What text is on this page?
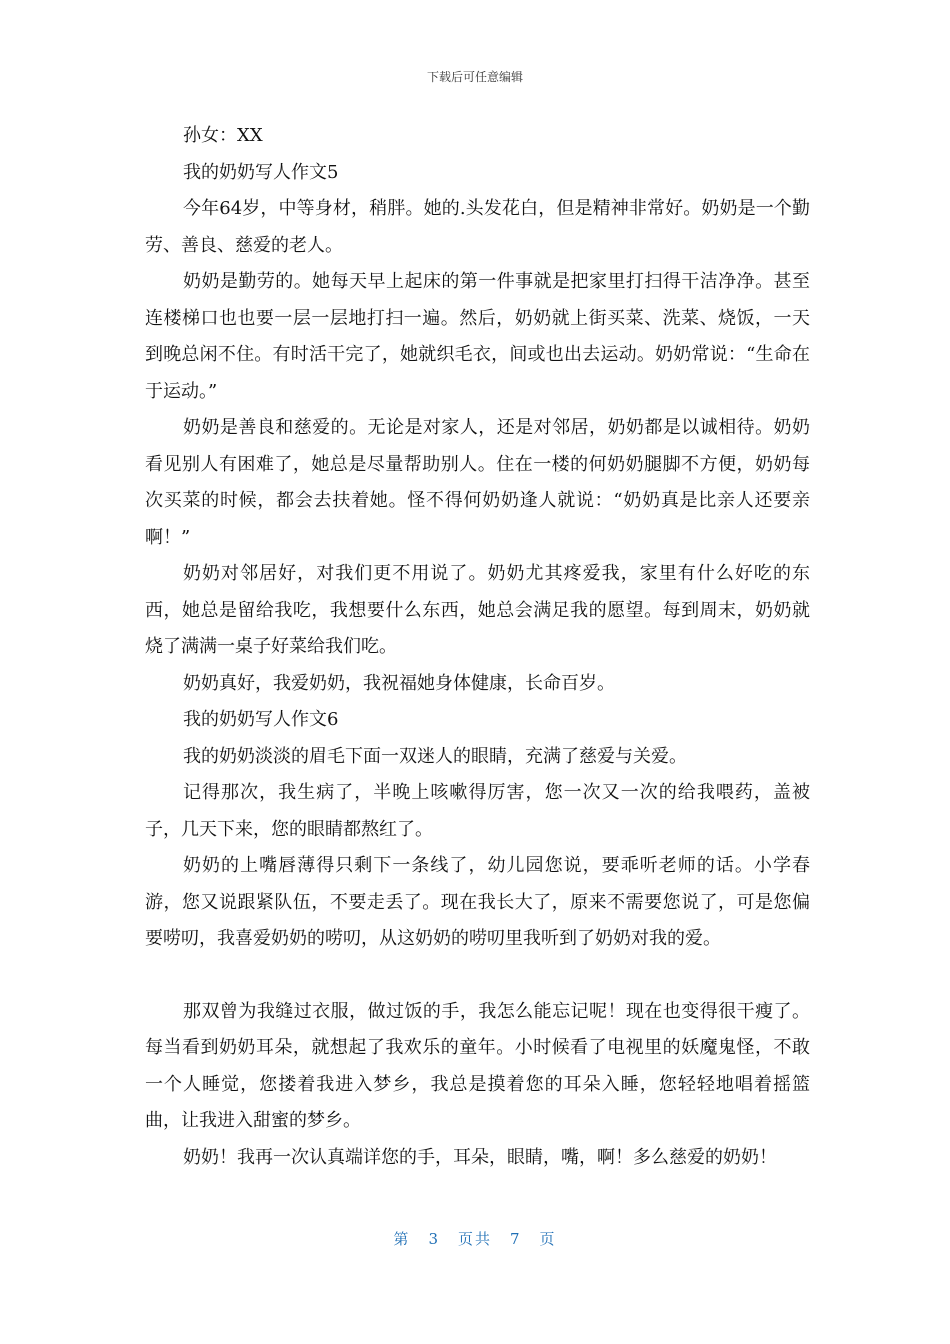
下载后可任意编辑

孙女：XX

我的奶奶写人作文5

今年64岁，中等身材，稍胖。她的.头发花白，但是精神非常好。奶奶是一个勤劳、善良、慈爱的老人。

奶奶是勤劳的。她每天早上起床的第一件事就是把家里打扫得干洁净净。甚至连楼梯口也也要一层一层地打扫一遍。然后，奶奶就上街买菜、洗菜、烧饭，一天到晚总闲不住。有时活干完了，她就织毛衣，间或也出去运动。奶奶常说：“生命在于运动。”

奶奶是善良和慈爱的。无论是对家人，还是对邻居，奶奶都是以诚相待。奶奶看见别人有困难了，她总是尽量帮助别人。住在一楼的何奶奶腿脚不方便，奶奶每次买菜的时候，都会去扶着她。怪不得何奶奶逢人就说：“奶奶真是比亲人还要亲啊！”

奶奶对邻居好，对我们更不用说了。奶奶尤其疼爱我，家里有什么好吃的东西，她总是留给我吃，我想要什么东西，她总会满足我的愿望。每到周末，奶奶就烧了满满一桌子好菜给我们吃。

奶奶真好，我爱奶奶，我祝福她身体健康，长命百岁。

我的奶奶写人作文6

我的奶奶淡淡的眉毛下面一双迷人的眼睛，充满了慈爱与关爱。

记得那次，我生病了，半晚上咳嗽得厉害，您一次又一次的给我喂药，盖被子，几天下来，您的眼睛都熬红了。

奶奶的上嘴唇薄得只剩下一条线了，幼儿园您说，要乖听老师的话。小学春游，您又说跟紧队伍，不要走丢了。现在我长大了，原来不需要您说了，可是您偏要唠叨，我喜爱奶奶的唠叨，从这奶奶的唠叨里我听到了奶奶对我的爱。

那双曾为我缝过衣服，做过饭的手，我怎么能忘记呢！现在也变得很干瘦了。每当看到奶奶耳朵，就想起了我欢乐的童年。小时候看了电视里的妖魔鬼怪，不敢一个人睡觉，您搂着我进入梦乡，我总是摸着您的耳朵入睡，您轻轻地唱着摇篮曲，让我进入甜蜜的梦乡。

奶奶！我再一次认真端详您的手，耳朵，眼睛，嘴，啊！多么慈爱的奶奶！

第 3 页共 7 页
